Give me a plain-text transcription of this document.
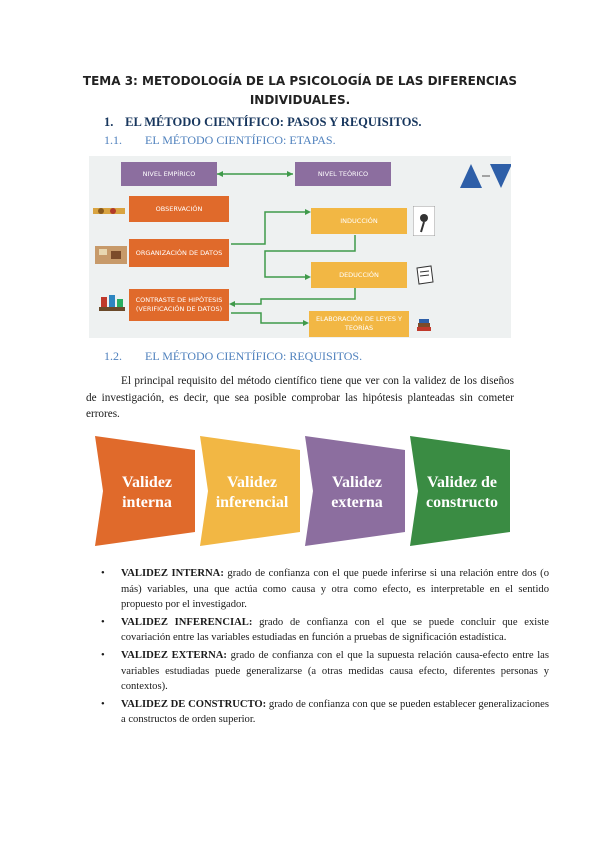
TEMA 3: METODOLOGÍA DE LA PSICOLOGÍA DE LAS DIFERENCIAS
INDIVIDUALES.
1. EL MÉTODO CIENTÍFICO: PASOS Y REQUISITOS.
1.1. EL MÉTODO CIENTÍFICO: ETAPAS.
NIVEL EMPÍRICO	NIVEL TEÓRICO
OBSERVACIÓN
ORGANIZACIÓN DE DATOS
CONTRASTE DE HIPÓTESIS (VERIFICACIÓN DE DATOS)
INDUCCIÓN
DEDUCCIÓN
ELABORACIÓN DE LEYES Y TEORÍAS
1.2. EL MÉTODO CIENTÍFICO: REQUISITOS.
El principal requisito del método científico tiene que ver con la validez de los diseños de investigación, es decir, que sea posible comprobar las hipótesis planteadas sin cometer errores.
Validez
interna
Validez
inferencial
Validez
externa
Validez de
constructo
• VALIDEZ INTERNA: grado de confianza con el que puede inferirse si una relación entre dos (o más) variables, una que actúa como causa y otra como efecto, es interpretable en el sentido propuesto por el investigador.
• VALIDEZ INFERENCIAL: grado de confianza con el que se puede concluir que existe covariación entre las variables estudiadas en función a pruebas de significación estadística.
• VALIDEZ EXTERNA: grado de confianza con el que la supuesta relación causa-efecto entre las variables estudiadas puede generalizarse (a otras medidas causa efecto, diferentes personas y contextos).
• VALIDEZ DE CONSTRUCTO: grado de confianza con que se pueden establecer generalizaciones a constructos de orden superior.
